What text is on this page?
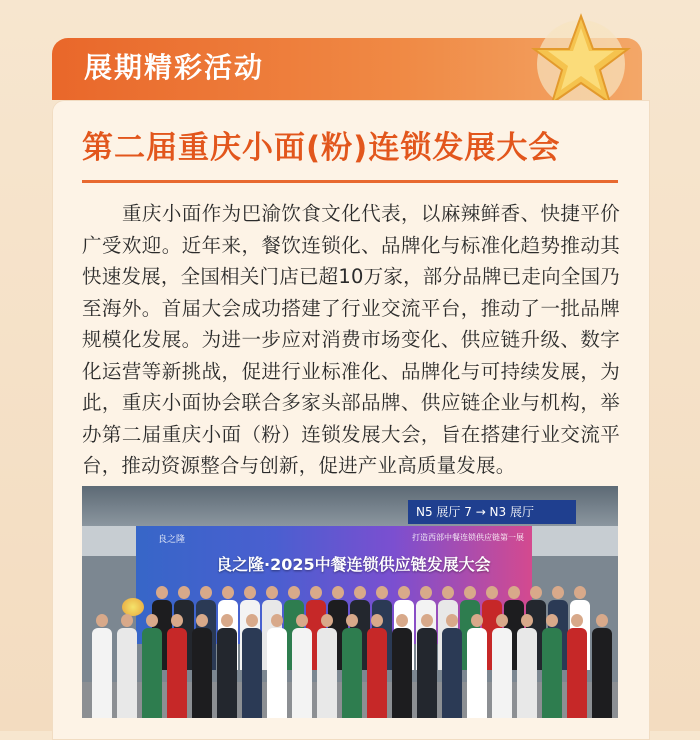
展期精彩活动
第二届重庆小面(粉)连锁发展大会
重庆小面作为巴渝饮食文化代表，以麻辣鲜香、快捷平价广受欢迎。近年来，餐饮连锁化、品牌化与标准化趋势推动其快速发展，全国相关门店已超10万家，部分品牌已走向全国乃至海外。首届大会成功搭建了行业交流平台，推动了一批品牌规模化发展。为进一步应对消费市场变化、供应链升级、数字化运营等新挑战，促进行业标准化、品牌化与可持续发展，为此，重庆小面协会联合多家头部品牌、供应链企业与机构，举办第二届重庆小面（粉）连锁发展大会，旨在搭建行业交流平台，推动资源整合与创新，促进产业高质量发展。
N5 展厅 7 → N3 展厅
良之隆	打造西部中餐连锁供应链第一展
良之隆·2025中餐连锁供应链发展大会
